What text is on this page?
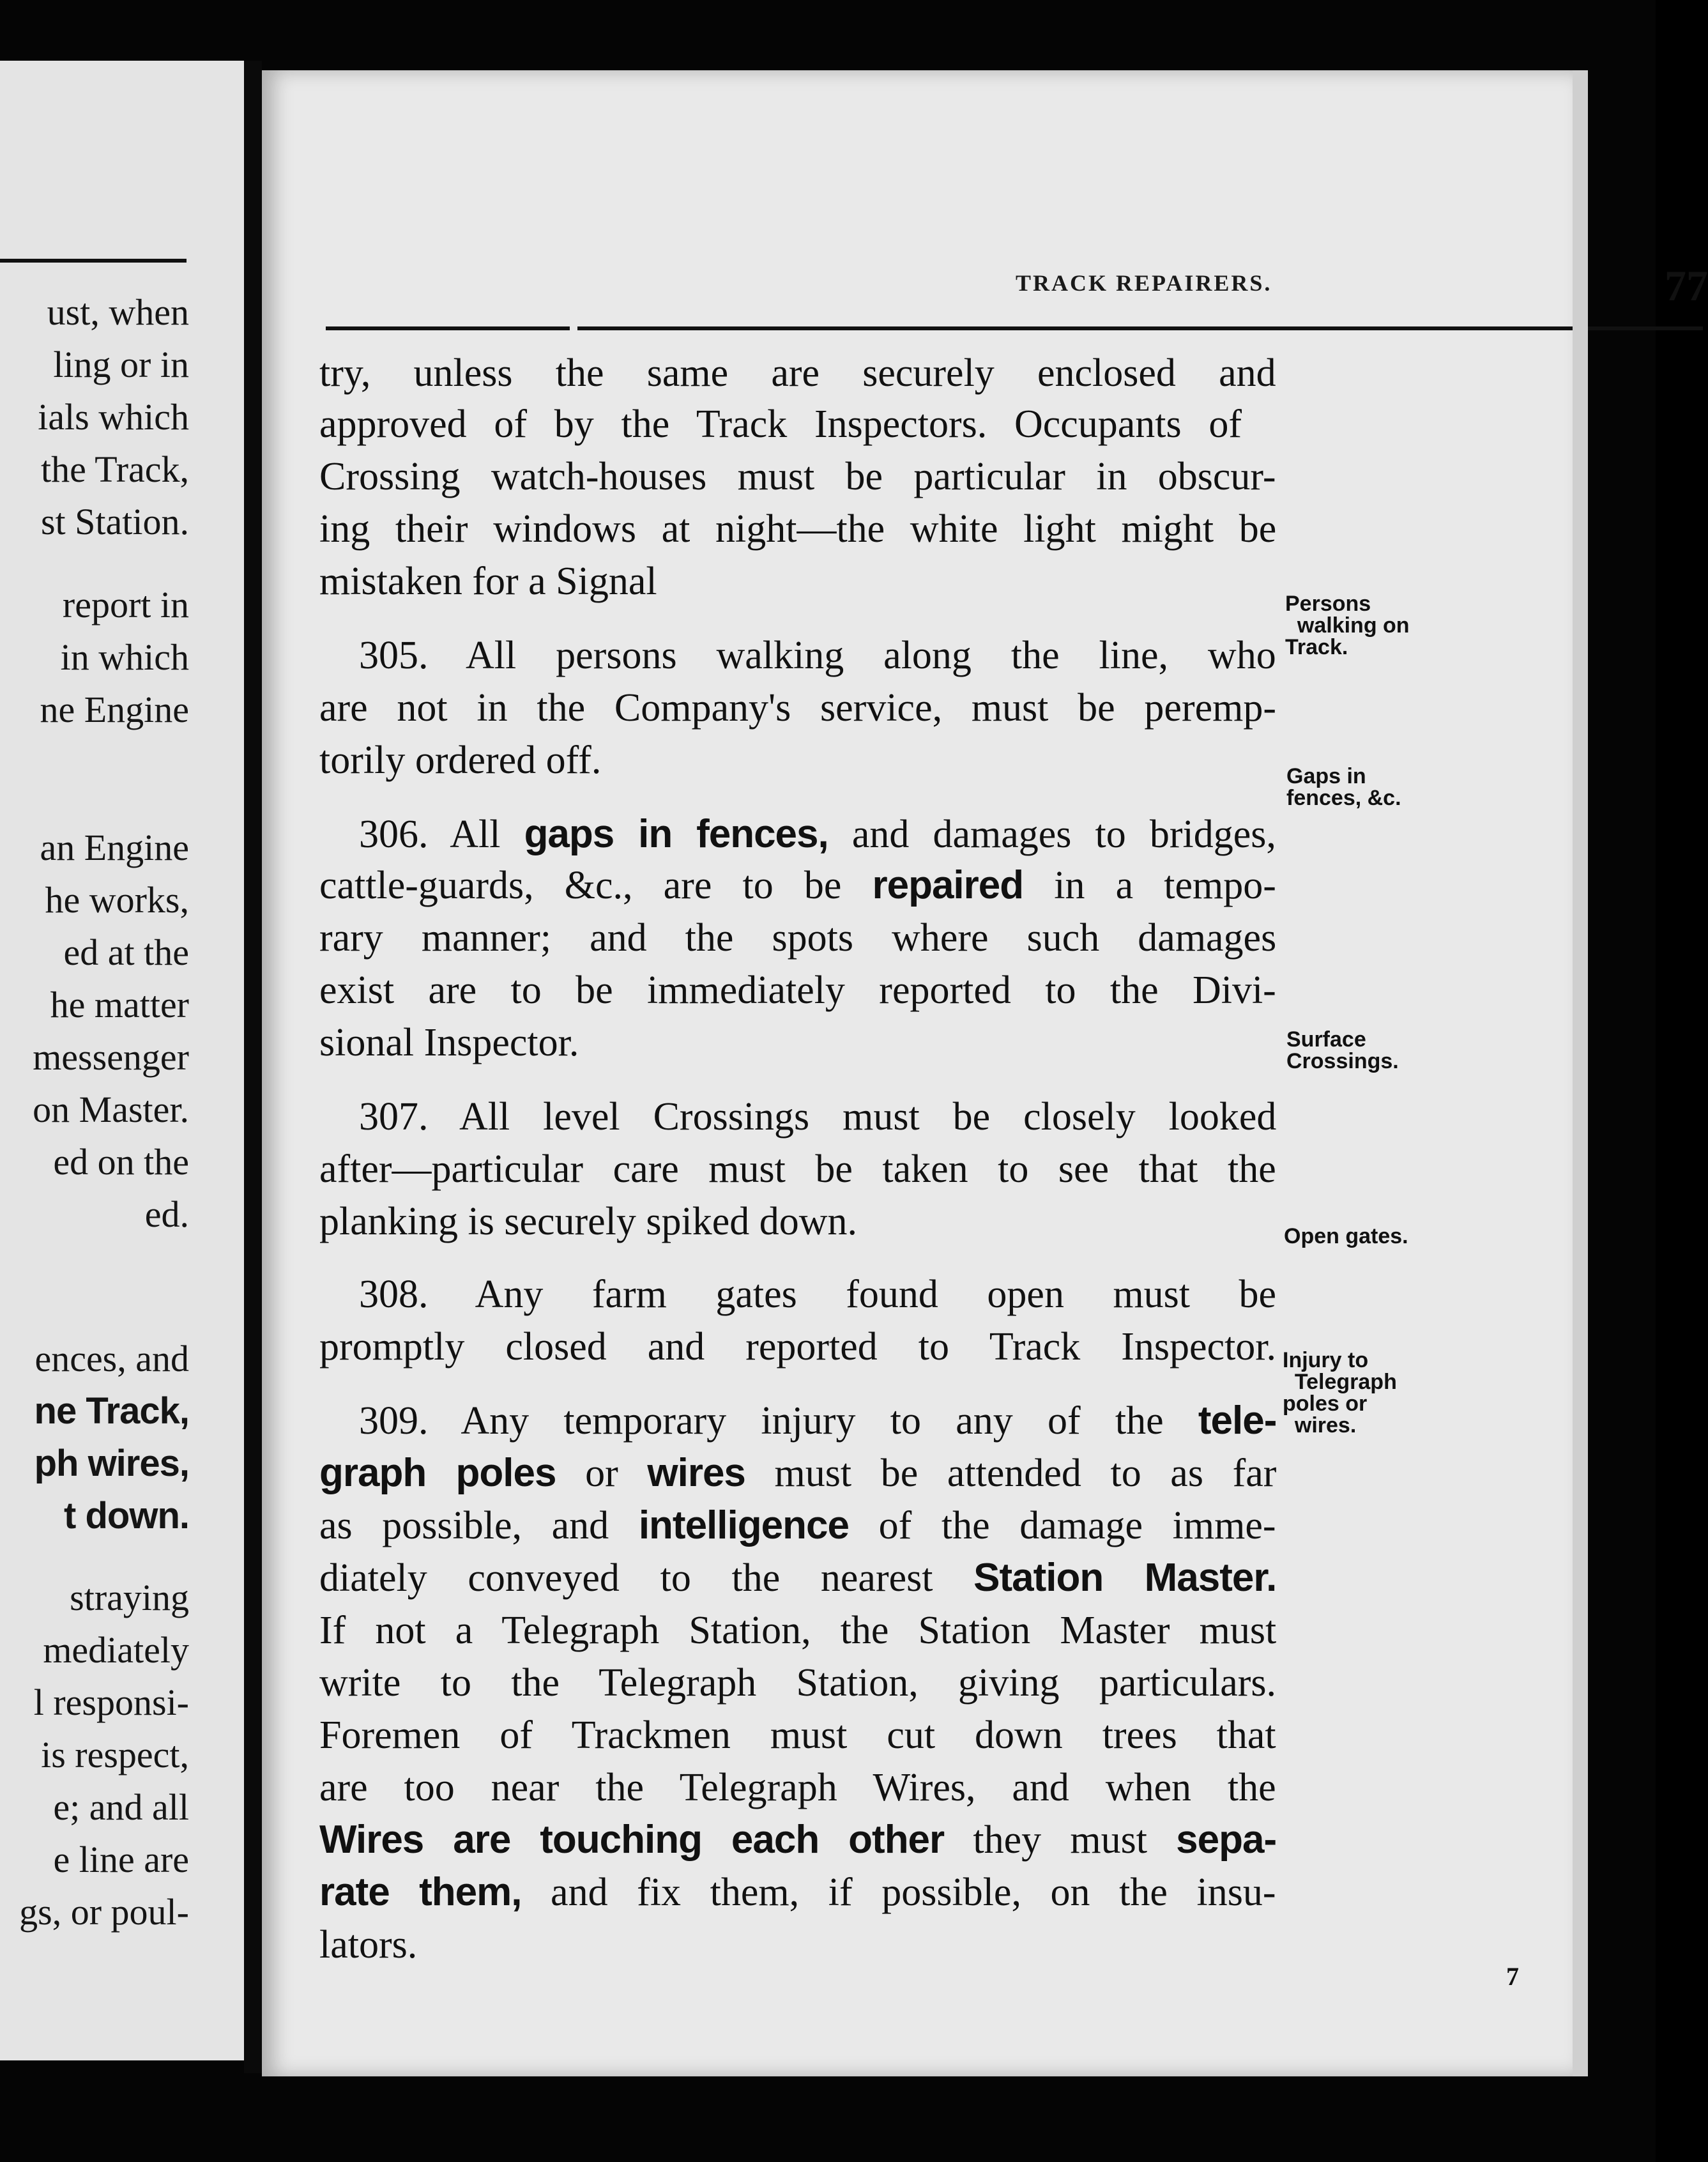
ust, when
ling or in
ials which
the Track,
st Station.
report in
in which
ne Engine
an Engine
he works,
ed at the
he matter
messenger
on Master.
ed on the
ed.
ences, and
ne Track,
ph wires,
t down.
straying
mediately
l responsi-
is respect,
e; and all
e line are
gs, or poul-
TRACK REPAIRERS.	77
try, unless the same are securely enclosed and
approved of by the Track Inspectors. Occupants of
Crossing watch-houses must be particular in obscur-
ing their windows at night—the white light might be
mistaken for a Signal
305. All persons walking along the line, who
are not in the Company's service, must be peremp-
torily ordered off.
306. All gaps in fences, and damages to bridges,
cattle-guards, &c., are to be repaired in a tempo-
rary manner; and the spots where such damages
exist are to be immediately reported to the Divi-
sional Inspector.
307. All level Crossings must be closely looked
after—particular care must be taken to see that the
planking is securely spiked down.
308. Any farm gates found open must be
promptly closed and reported to Track Inspector.
309. Any temporary injury to any of the tele-
graph poles or wires must be attended to as far
as possible, and intelligence of the damage imme-
diately conveyed to the nearest Station Master.
If not a Telegraph Station, the Station Master must
write to the Telegraph Station, giving particulars.
Foremen of Trackmen must cut down trees that
are too near the Telegraph Wires, and when the
Wires are touching each other they must sepa-
rate them, and fix them, if possible, on the insu-
lators.
Persons
walking on
Track.
Gaps in
fences, &c.
Surface
Crossings.
Open gates.
Injury to
Telegraph
poles or
wires.
7
